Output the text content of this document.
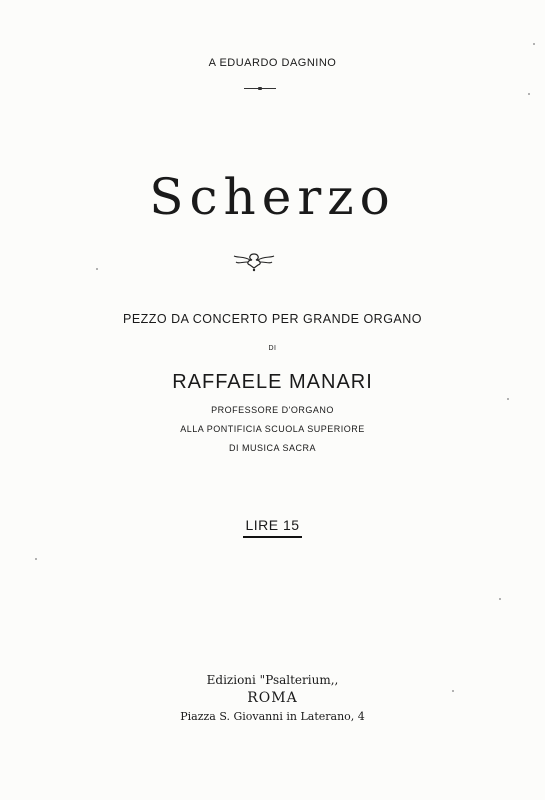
A EDUARDO DAGNINO
Scherzo
PEZZO DA CONCERTO PER GRANDE ORGANO
DI
RAFFAELE MANARI
PROFESSORE D'ORGANO
ALLA PONTIFICIA SCUOLA SUPERIORE
DI MUSICA SACRA
LIRE 15
Edizioni "Psalterium,,
ROMA
Piazza S. Giovanni in Laterano, 4
